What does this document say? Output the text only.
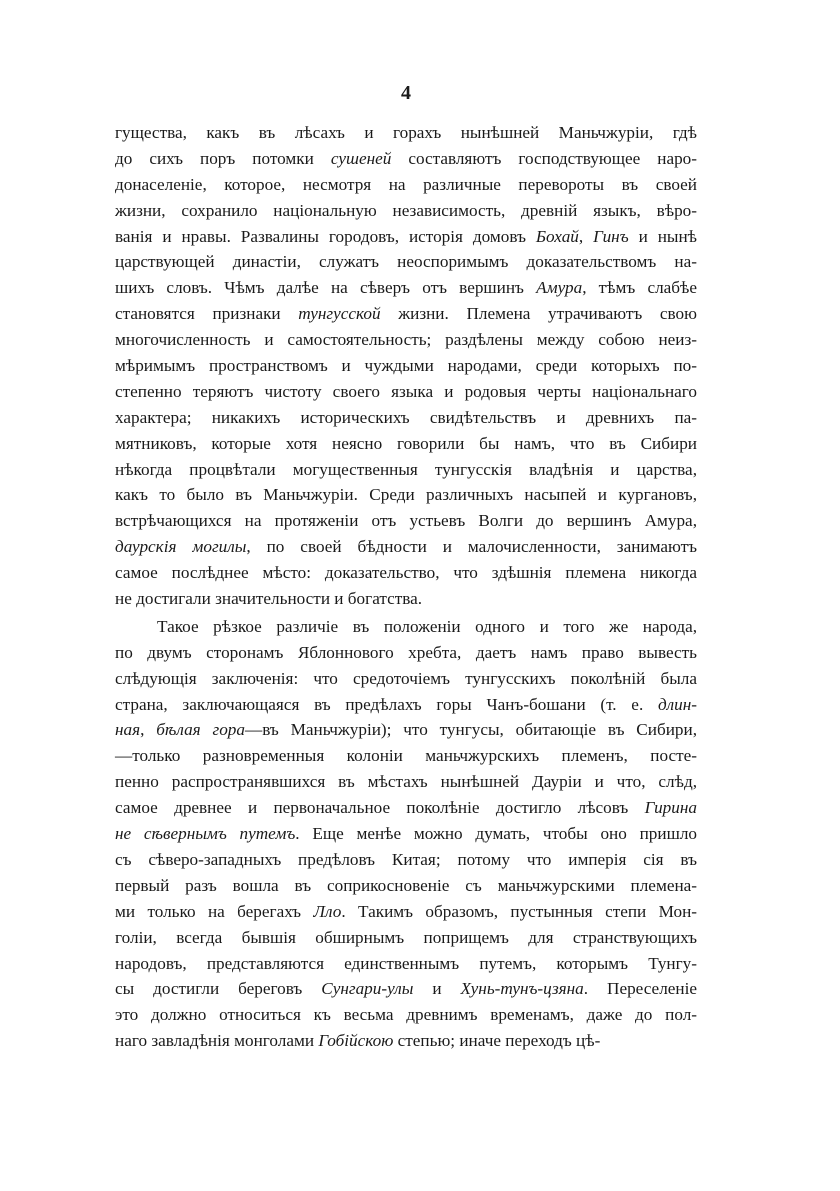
4
гущества, какъ въ лѣсахъ и горахъ нынѣшней Маньчжуріи, гдѣ
до сихъ поръ потомки сушеней составляютъ господствующее наро-
донаселеніе, которое, несмотря на различные перевороты въ своей
жизни, сохранило національную независимость, древній языкъ, вѣро-
ванія и нравы. Развалины городовъ, исторія домовъ Бохай, Гинъ и нынѣ
царствующей династіи, служатъ неоспоримымъ доказательствомъ на-
шихъ словъ. Чѣмъ далѣе на сѣверъ отъ вершинъ Амура, тѣмъ слабѣе
становятся признаки тунгусской жизни. Племена утрачиваютъ свою
многочисленность и самостоятельность; раздѣлены между собою неиз-
мѣримымъ пространствомъ и чуждыми народами, среди которыхъ по-
степенно теряютъ чистоту своего языка и родовыя черты національнаго
характера; никакихъ историческихъ свидѣтельствъ и древнихъ па-
мятниковъ, которые хотя неясно говорили бы намъ, что въ Сибири
нѣкогда процвѣтали могущественныя тунгусскія владѣнія и царства,
какъ то было въ Маньчжуріи. Среди различныхъ насыпей и кургановъ,
встрѣчающихся на протяженіи отъ устьевъ Волги до вершинъ Амура,
даурскія могилы, по своей бѣдности и малочисленности, занимаютъ
самое послѣднее мѣсто: доказательство, что здѣшнія племена никогда
не достигали значительности и богатства.
Такое рѣзкое различіе въ положеніи одного и того же народа,
по двумъ сторонамъ Яблоннового хребта, даетъ намъ право вывесть
слѣдующія заключенія: что средоточіемъ тунгусскихъ поколѣній была
страна, заключающаяся въ предѣлахъ горы Чанъ-бошани (т. е. длин-
ная, бѣлая гора—въ Маньчжуріи); что тунгусы, обитающіе въ Сибири,
—только разновременныя колоніи маньчжурскихъ племенъ, посте-
пенно распространявшихся въ мѣстахъ нынѣшней Дауріи и что, слѣд,
самое древнее и первоначальное поколѣніе достигло лѣсовъ Гирина
не сѣвернымъ путемъ. Еще менѣе можно думать, чтобы оно пришло
съ сѣверо-западныхъ предѣловъ Китая; потому что имперія сія въ
первый разъ вошла въ соприкосновеніе съ маньчжурскими племена-
ми только на берегахъ Лло. Такимъ образомъ, пустынныя степи Мон-
голіи, всегда бывшія обширнымъ поприщемъ для странствующихъ
народовъ, представляются единственнымъ путемъ, которымъ Тунгу-
сы достигли береговъ Сунгари-улы и Хунь-тунъ-цзяна. Переселеніе
это должно относиться къ весьма древнимъ временамъ, даже до пол-
наго завладѣнія монголами Гобійскою степью; иначе переходъ цѣ-
